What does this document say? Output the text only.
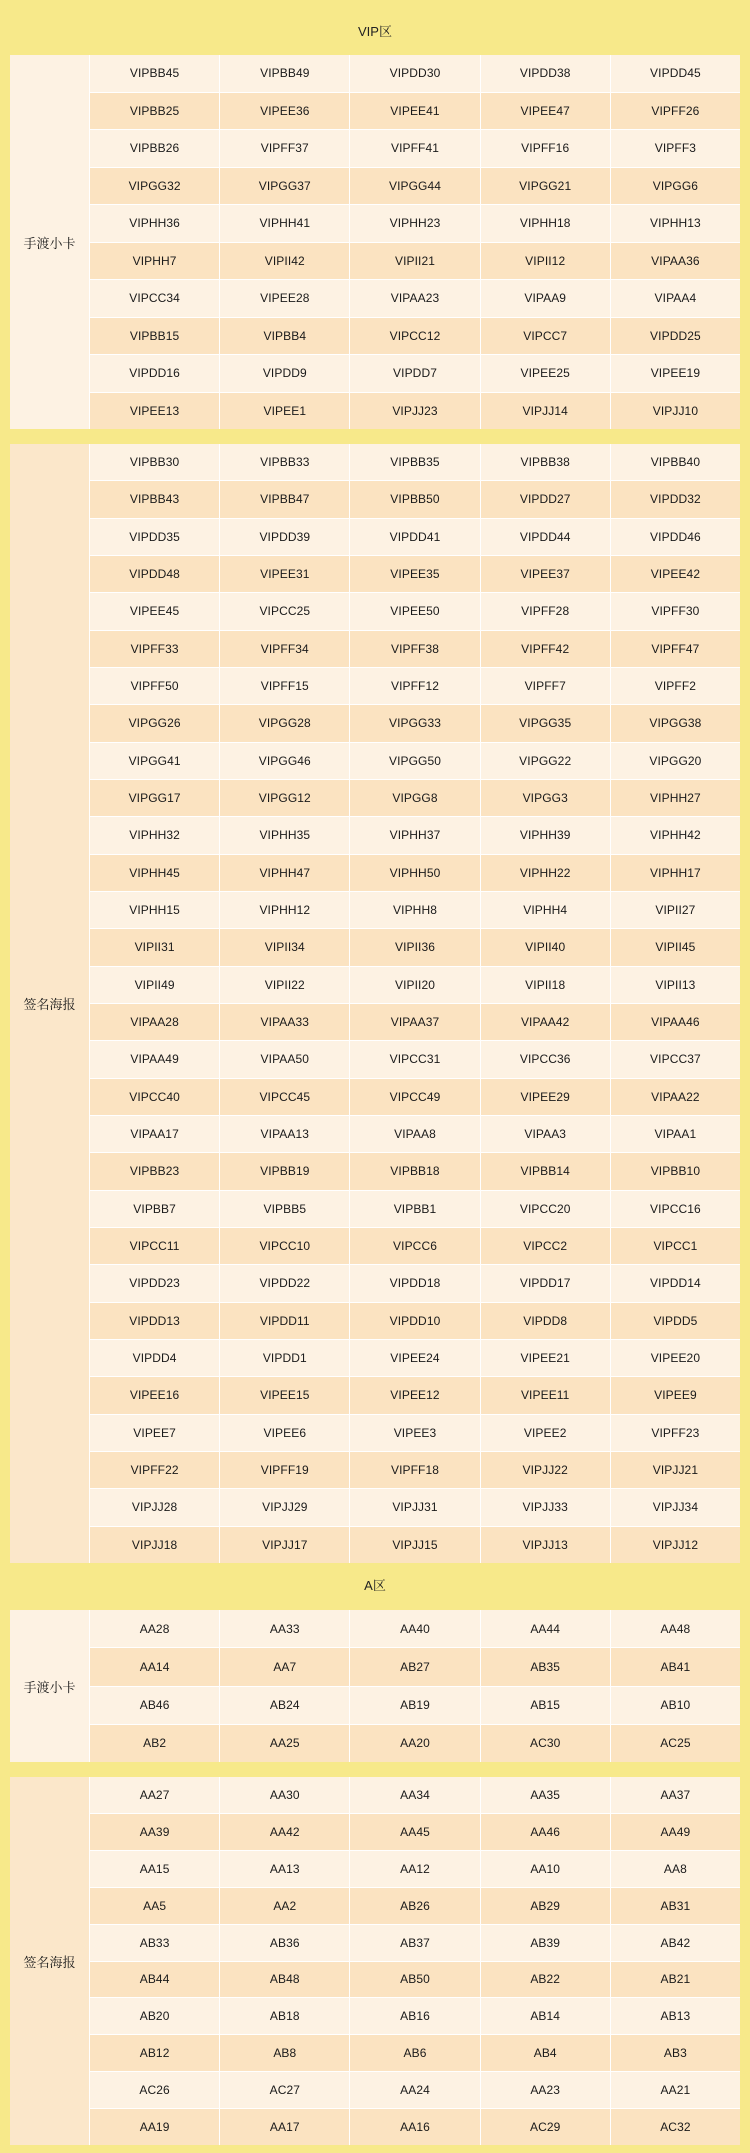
VIP区
手渡小卡
VIPBB45	VIPBB49	VIPDD30	VIPDD38	VIPDD45
VIPBB25	VIPEE36	VIPEE41	VIPEE47	VIPFF26
VIPBB26	VIPFF37	VIPFF41	VIPFF16	VIPFF3
VIPGG32	VIPGG37	VIPGG44	VIPGG21	VIPGG6
VIPHH36	VIPHH41	VIPHH23	VIPHH18	VIPHH13
VIPHH7	VIPII42	VIPII21	VIPII12	VIPAA36
VIPCC34	VIPEE28	VIPAA23	VIPAA9	VIPAA4
VIPBB15	VIPBB4	VIPCC12	VIPCC7	VIPDD25
VIPDD16	VIPDD9	VIPDD7	VIPEE25	VIPEE19
VIPEE13	VIPEE1	VIPJJ23	VIPJJ14	VIPJJ10
签名海报
VIPBB30	VIPBB33	VIPBB35	VIPBB38	VIPBB40
VIPBB43	VIPBB47	VIPBB50	VIPDD27	VIPDD32
VIPDD35	VIPDD39	VIPDD41	VIPDD44	VIPDD46
VIPDD48	VIPEE31	VIPEE35	VIPEE37	VIPEE42
VIPEE45	VIPCC25	VIPEE50	VIPFF28	VIPFF30
VIPFF33	VIPFF34	VIPFF38	VIPFF42	VIPFF47
VIPFF50	VIPFF15	VIPFF12	VIPFF7	VIPFF2
VIPGG26	VIPGG28	VIPGG33	VIPGG35	VIPGG38
VIPGG41	VIPGG46	VIPGG50	VIPGG22	VIPGG20
VIPGG17	VIPGG12	VIPGG8	VIPGG3	VIPHH27
VIPHH32	VIPHH35	VIPHH37	VIPHH39	VIPHH42
VIPHH45	VIPHH47	VIPHH50	VIPHH22	VIPHH17
VIPHH15	VIPHH12	VIPHH8	VIPHH4	VIPII27
VIPII31	VIPII34	VIPII36	VIPII40	VIPII45
VIPII49	VIPII22	VIPII20	VIPII18	VIPII13
VIPAA28	VIPAA33	VIPAA37	VIPAA42	VIPAA46
VIPAA49	VIPAA50	VIPCC31	VIPCC36	VIPCC37
VIPCC40	VIPCC45	VIPCC49	VIPEE29	VIPAA22
VIPAA17	VIPAA13	VIPAA8	VIPAA3	VIPAA1
VIPBB23	VIPBB19	VIPBB18	VIPBB14	VIPBB10
VIPBB7	VIPBB5	VIPBB1	VIPCC20	VIPCC16
VIPCC11	VIPCC10	VIPCC6	VIPCC2	VIPCC1
VIPDD23	VIPDD22	VIPDD18	VIPDD17	VIPDD14
VIPDD13	VIPDD11	VIPDD10	VIPDD8	VIPDD5
VIPDD4	VIPDD1	VIPEE24	VIPEE21	VIPEE20
VIPEE16	VIPEE15	VIPEE12	VIPEE11	VIPEE9
VIPEE7	VIPEE6	VIPEE3	VIPEE2	VIPFF23
VIPFF22	VIPFF19	VIPFF18	VIPJJ22	VIPJJ21
VIPJJ28	VIPJJ29	VIPJJ31	VIPJJ33	VIPJJ34
VIPJJ18	VIPJJ17	VIPJJ15	VIPJJ13	VIPJJ12
A区
手渡小卡
AA28	AA33	AA40	AA44	AA48
AA14	AA7	AB27	AB35	AB41
AB46	AB24	AB19	AB15	AB10
AB2	AA25	AA20	AC30	AC25
签名海报
AA27	AA30	AA34	AA35	AA37
AA39	AA42	AA45	AA46	AA49
AA15	AA13	AA12	AA10	AA8
AA5	AA2	AB26	AB29	AB31
AB33	AB36	AB37	AB39	AB42
AB44	AB48	AB50	AB22	AB21
AB20	AB18	AB16	AB14	AB13
AB12	AB8	AB6	AB4	AB3
AC26	AC27	AA24	AA23	AA21
AA19	AA17	AA16	AC29	AC32
